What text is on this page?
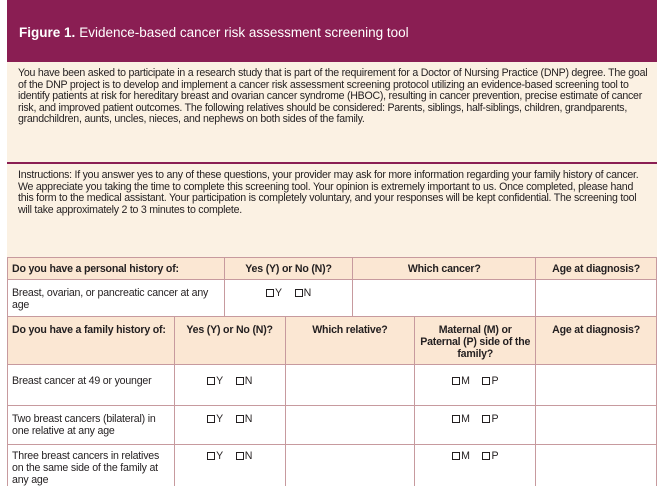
Figure 1. Evidence-based cancer risk assessment screening tool

You have been asked to participate in a research study that is part of the requirement for a Doctor of Nursing Practice (DNP) degree. The goal of the DNP project is to develop and implement a cancer risk assessment screening protocol utilizing an evidence-based screening tool to identify patients at risk for hereditary breast and ovarian cancer syndrome (HBOC), resulting in cancer prevention, precise estimate of cancer risk, and improved patient outcomes. The following relatives should be considered: Parents, siblings, half-siblings, children, grandparents, grandchildren, aunts, uncles, nieces, and nephews on both sides of the family.

Instructions: If you answer yes to any of these questions, your provider may ask for more information regarding your family history of cancer. We appreciate you taking the time to complete this screening tool. Your opinion is extremely important to us. Once completed, please hand this form to the medical assistant. Your participation is completely voluntary, and your responses will be kept confidential. The screening tool will take approximately 2 to 3 minutes to complete.

Do you have a personal history of:	Yes (Y) or No (N)?	Which cancer?	Age at diagnosis?
Breast, ovarian, or pancreatic cancer at any age	Y N		
Do you have a family history of:	Yes (Y) or No (N)?	Which relative?	Maternal (M) or Paternal (P) side of the family?	Age at diagnosis?
Breast cancer at 49 or younger	Y N		M P	
Two breast cancers (bilateral) in one relative at any age	Y N		M P	
Three breast cancers in relatives on the same side of the family at any age	Y N		M P	
